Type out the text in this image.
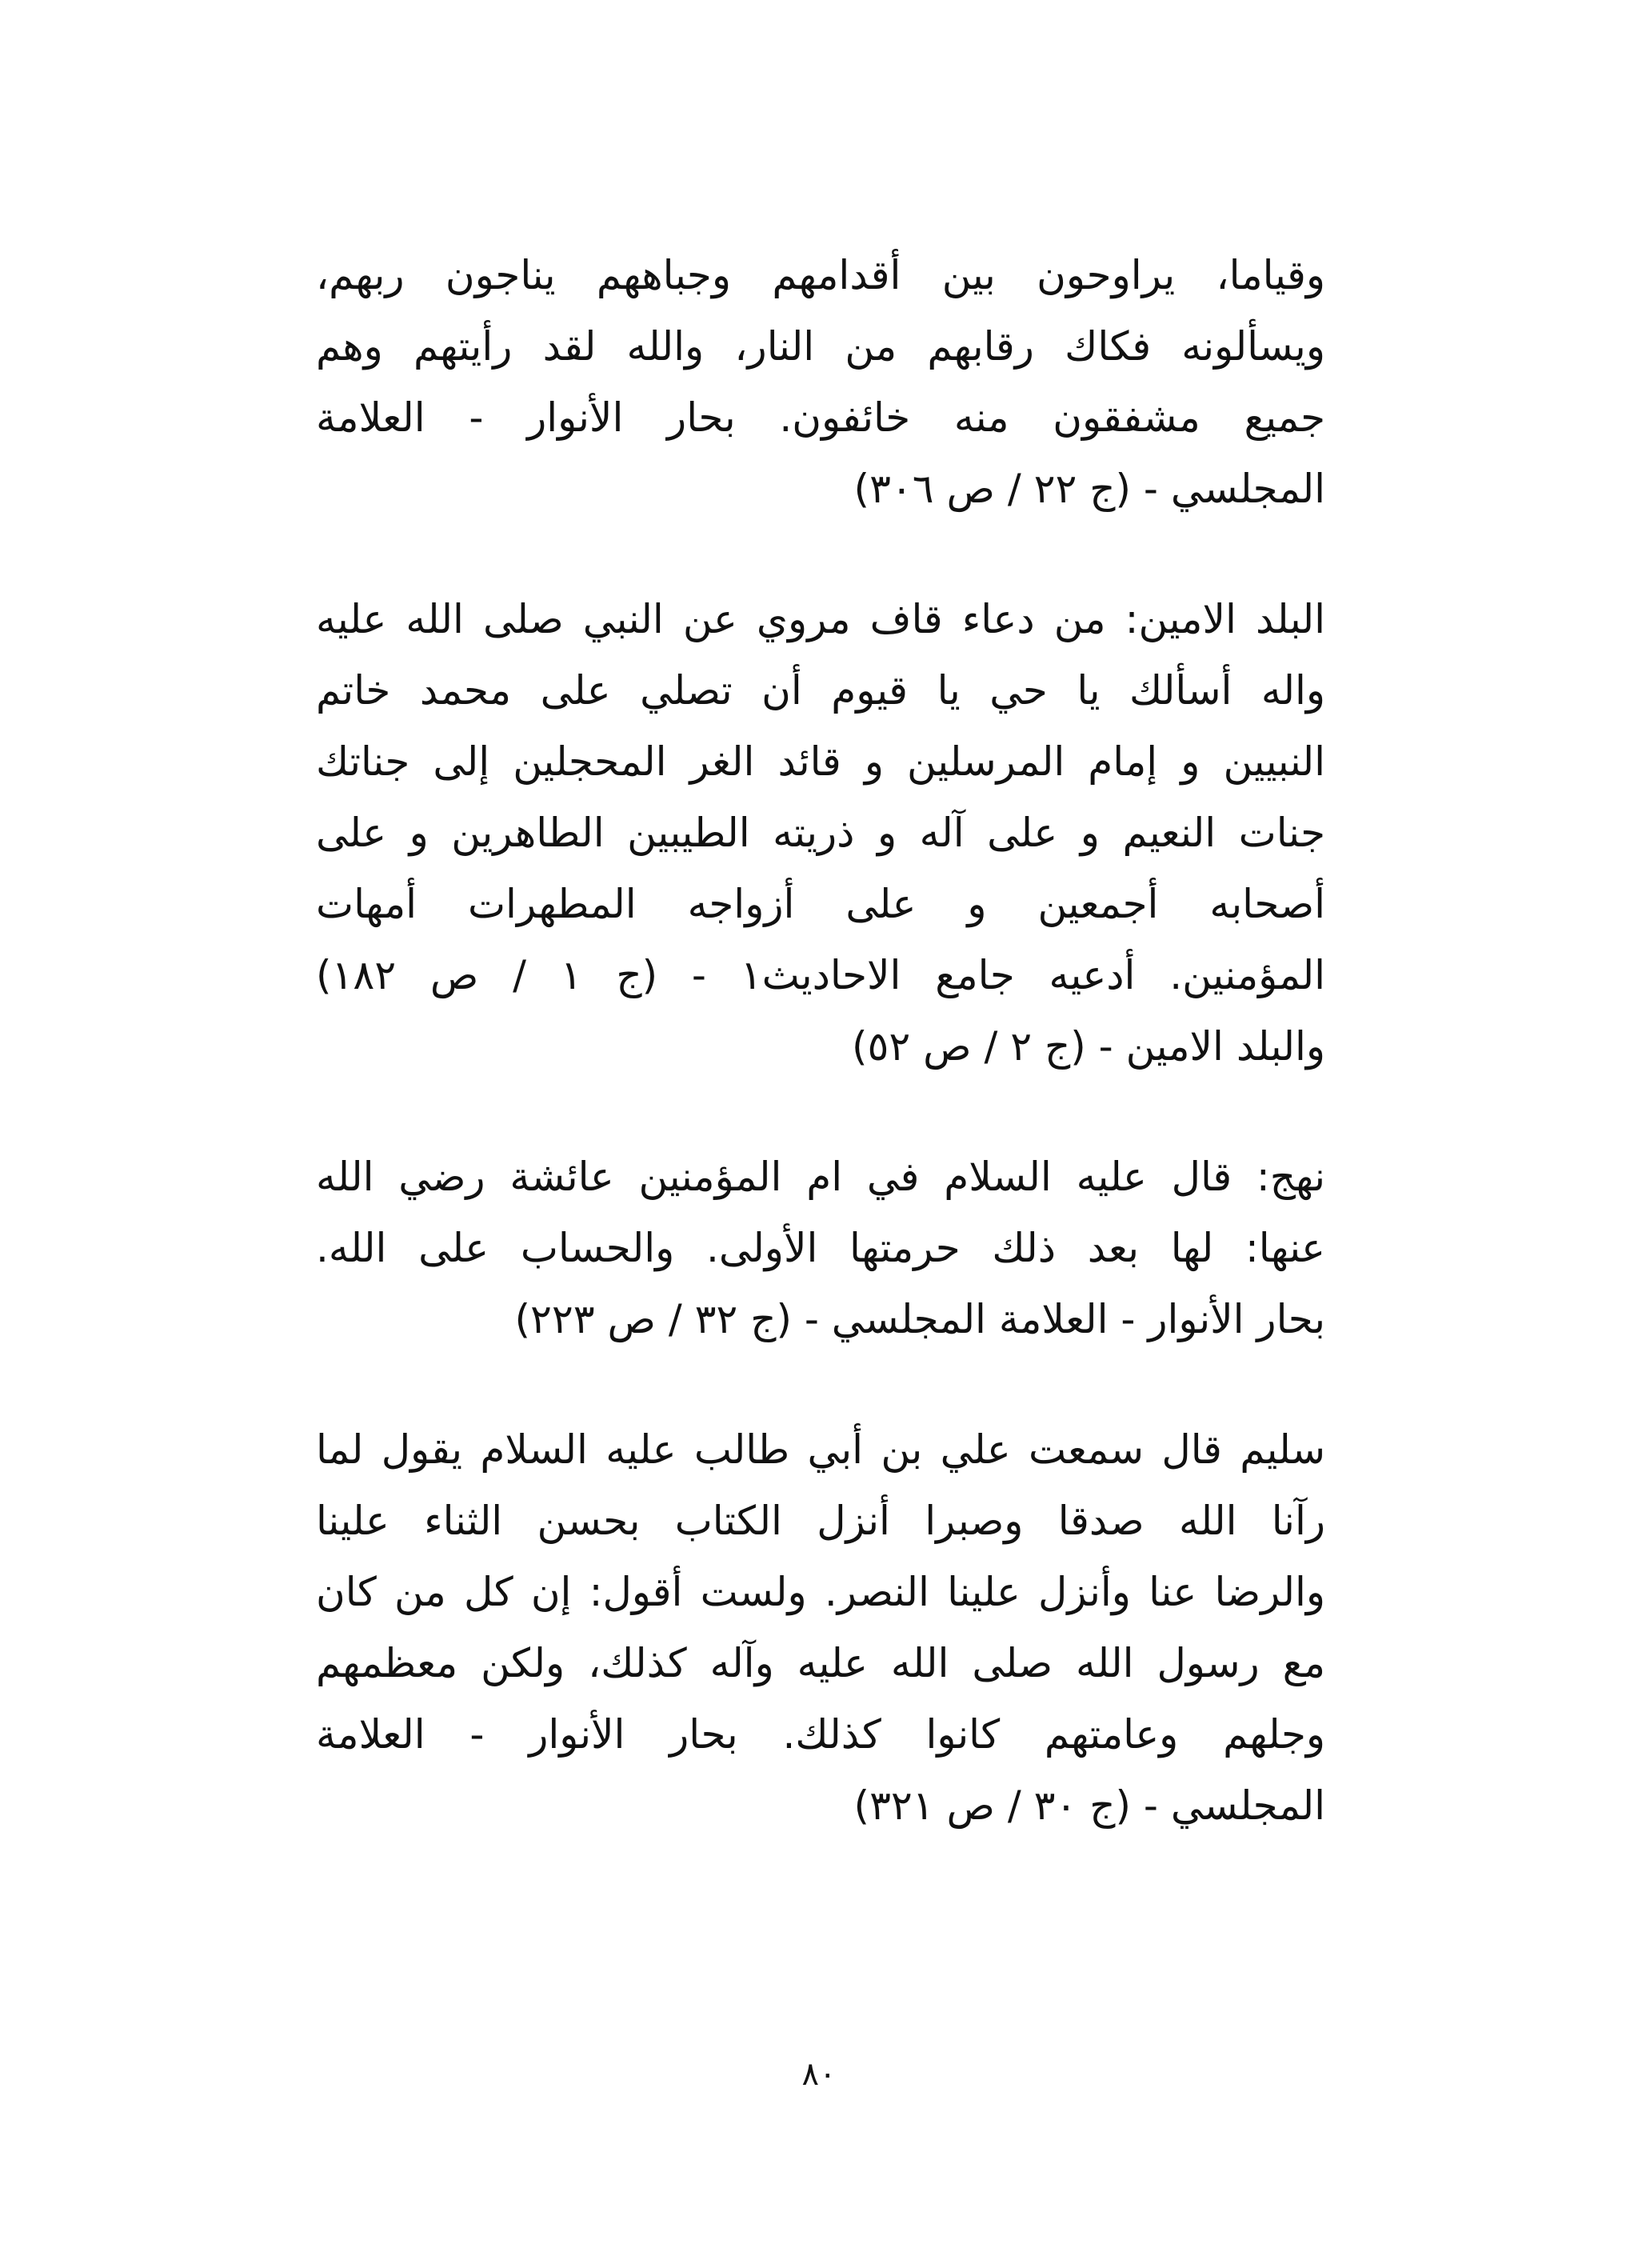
وقياما، يراوحون بين أقدامهم وجباههم يناجون ربهم،
ويسألونه فكاك رقابهم من النار، والله لقد رأيتهم وهم
جميع مشفقون منه خائفون. بحار الأنوار - العلامة
المجلسي - (ج ٢٢ / ص ٣٠٦)

البلد الامين: من دعاء قاف مروي عن النبي صلى الله عليه
واله أسألك يا حي يا قيوم أن تصلي على محمد خاتم
النبيين و إمام المرسلين و قائد الغر المحجلين إلى جناتك
جنات النعيم و على آله و ذريته الطيبين الطاهرين و على
أصحابه أجمعين و على أزواجه المطهرات أمهات
المؤمنين. أدعيه جامع الاحاديث١ - (ج ١ / ص ١٨٢)
والبلد الامين - (ج ٢ / ص ٥٢)

نهج: قال عليه السلام في ام المؤمنين عائشة رضي الله
عنها: لها بعد ذلك حرمتها الأولى. والحساب على الله.
بحار الأنوار - العلامة المجلسي - (ج ٣٢ / ص ٢٢٣)

سليم قال سمعت علي بن أبي طالب عليه السلام يقول لما
رآنا الله صدقا وصبرا أنزل الكتاب بحسن الثناء علينا
والرضا عنا وأنزل علينا النصر. ولست أقول: إن كل من كان
مع رسول الله صلى الله عليه وآله كذلك، ولكن معظمهم
وجلهم وعامتهم كانوا كذلك. بحار الأنوار - العلامة
المجلسي - (ج ٣٠ / ص ٣٢١)

٨٠
